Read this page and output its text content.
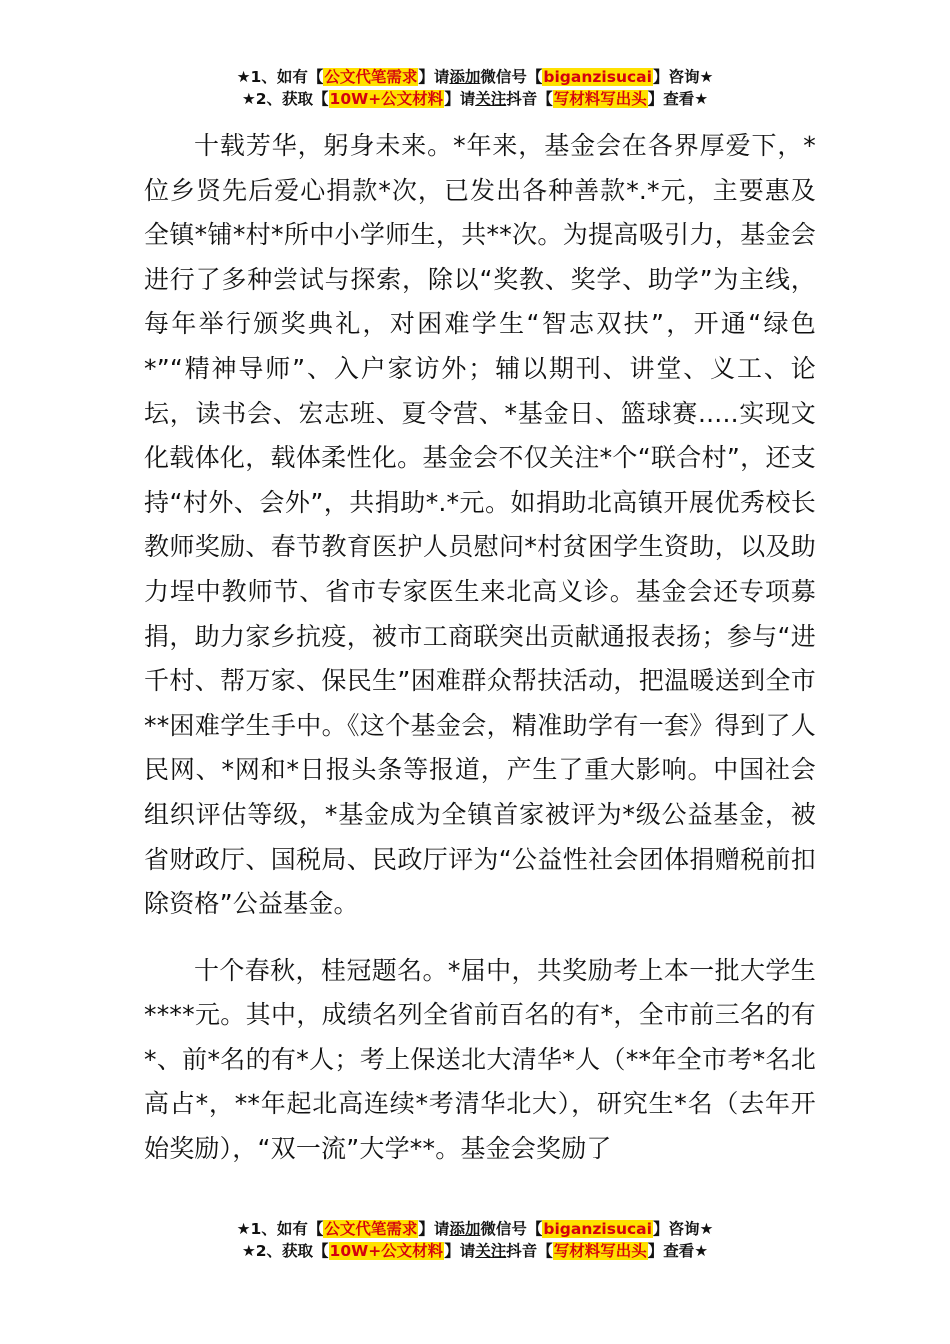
★1、如有【公文代笔需求】请添加微信号【biganzisucai】咨询★
★2、获取【10W+公文材料】请关注抖音【写材料写出头】查看★

十载芳华，躬身未来。*年来，基金会在各界厚爱下，*位乡贤先后爱心捐款*次，已发出各种善款*.*元，主要惠及全镇*铺*村*所中小学师生，共**次。为提高吸引力，基金会进行了多种尝试与探索，除以“奖教、奖学、助学”为主线，每年举行颁奖典礼，对困难学生“智志双扶”，开通“绿色*”“精神导师”、入户家访外；辅以期刊、讲堂、义工、论坛，读书会、宏志班、夏令营、*基金日、篮球赛.....实现文化载体化，载体柔性化。基金会不仅关注*个“联合村”，还支持“村外、会外”，共捐助*.*元。如捐助北高镇开展优秀校长教师奖励、春节教育医护人员慰问*村贫困学生资助，以及助力埕中教师节、省市专家医生来北高义诊。基金会还专项募捐，助力家乡抗疫，被市工商联突出贡献通报表扬；参与“进千村、帮万家、保民生”困难群众帮扶活动，把温暖送到全市**困难学生手中。《这个基金会，精准助学有一套》得到了人民网、*网和*日报头条等报道，产生了重大影响。中国社会组织评估等级，*基金成为全镇首家被评为*级公益基金，被省财政厅、国税局、民政厅评为“公益性社会团体捐赠税前扣除资格”公益基金。

十个春秋，桂冠题名。*届中，共奖励考上本一批大学生****元。其中，成绩名列全省前百名的有*，全市前三名的有*、前*名的有*人；考上保送北大清华*人（**年全市考*名北高占*，**年起北高连续*考清华北大），研究生*名（去年开始奖励），“双一流”大学**。基金会奖励了

★1、如有【公文代笔需求】请添加微信号【biganzisucai】咨询★
★2、获取【10W+公文材料】请关注抖音【写材料写出头】查看★
